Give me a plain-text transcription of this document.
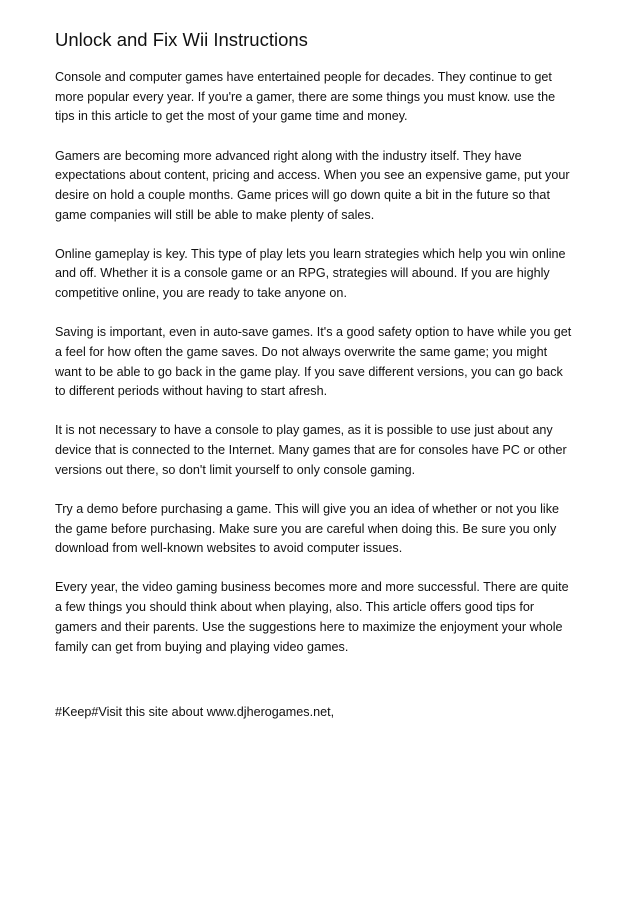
Unlock and Fix Wii Instructions
Console and computer games have entertained people for decades. They continue to get
more popular every year. If you're a gamer, there are some things you must know. use the
tips in this article to get the most of your game time and money.
Gamers are becoming more advanced right along with the industry itself. They have
expectations about content, pricing and access. When you see an expensive game, put your
desire on hold a couple months. Game prices will go down quite a bit in the future so that
game companies will still be able to make plenty of sales.
Online gameplay is key. This type of play lets you learn strategies which help you win online
and off. Whether it is a console game or an RPG, strategies will abound. If you are highly
competitive online, you are ready to take anyone on.
Saving is important, even in auto-save games. It's a good safety option to have while you get
a feel for how often the game saves. Do not always overwrite the same game; you might
want to be able to go back in the game play. If you save different versions, you can go back
to different periods without having to start afresh.
It is not necessary to have a console to play games, as it is possible to use just about any
device that is connected to the Internet. Many games that are for consoles have PC or other
versions out there, so don't limit yourself to only console gaming.
Try a demo before purchasing a game. This will give you an idea of whether or not you like
the game before purchasing. Make sure you are careful when doing this. Be sure you only
download from well-known websites to avoid computer issues.
Every year, the video gaming business becomes more and more successful. There are quite
a few things you should think about when playing, also. This article offers good tips for
gamers and their parents. Use the suggestions here to maximize the enjoyment your whole
family can get from buying and playing video games.
#Keep#Visit this site about www.djherogames.net,
